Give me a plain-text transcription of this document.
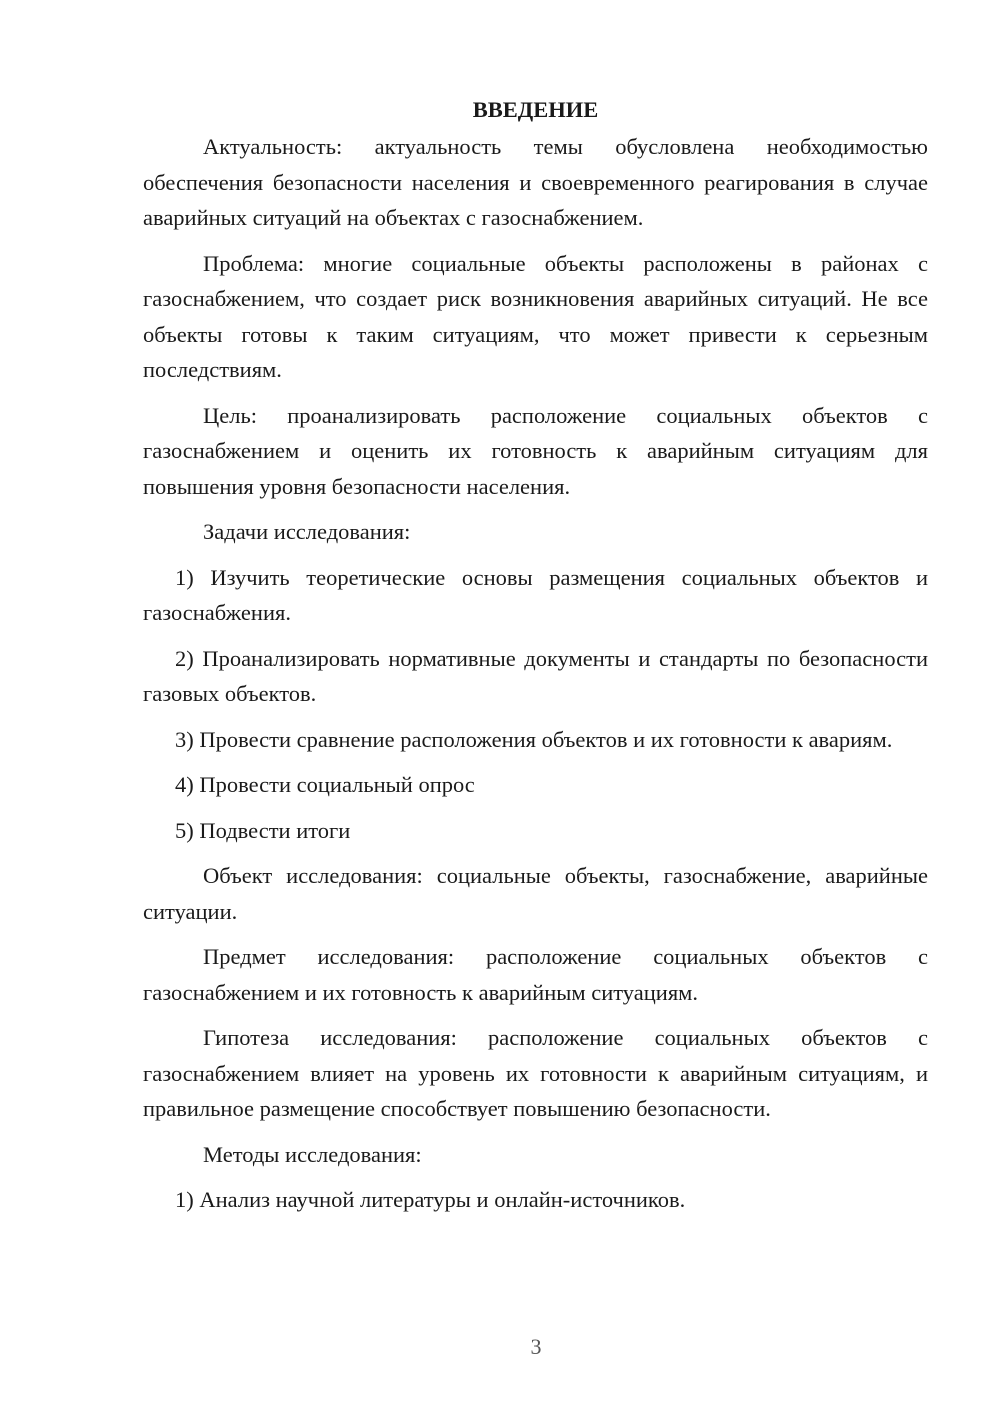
ВВЕДЕНИЕ

Актуальность: актуальность темы обусловлена необходимостью обеспечения безопасности населения и своевременного реагирования в случае аварийных ситуаций на объектах с газоснабжением.

Проблема: многие социальные объекты расположены в районах с газоснабжением, что создает риск возникновения аварийных ситуаций. Не все объекты готовы к таким ситуациям, что может привести к серьезным последствиям.

Цель: проанализировать расположение социальных объектов с газоснабжением и оценить их готовность к аварийным ситуациям для повышения уровня безопасности населения.

Задачи исследования:

1) Изучить теоретические основы размещения социальных объектов и газоснабжения.

2) Проанализировать нормативные документы и стандарты по безопасности газовых объектов.

3) Провести сравнение расположения объектов и их готовности к авариям.

4) Провести социальный опрос

5) Подвести итоги

Объект исследования: социальные объекты, газоснабжение, аварийные ситуации.

Предмет исследования: расположение социальных объектов с газоснабжением и их готовность к аварийным ситуациям.

Гипотеза исследования: расположение социальных объектов с газоснабжением влияет на уровень их готовности к аварийным ситуациям, и правильное размещение способствует повышению безопасности.

Методы исследования:

1) Анализ научной литературы и онлайн-источников.

3
